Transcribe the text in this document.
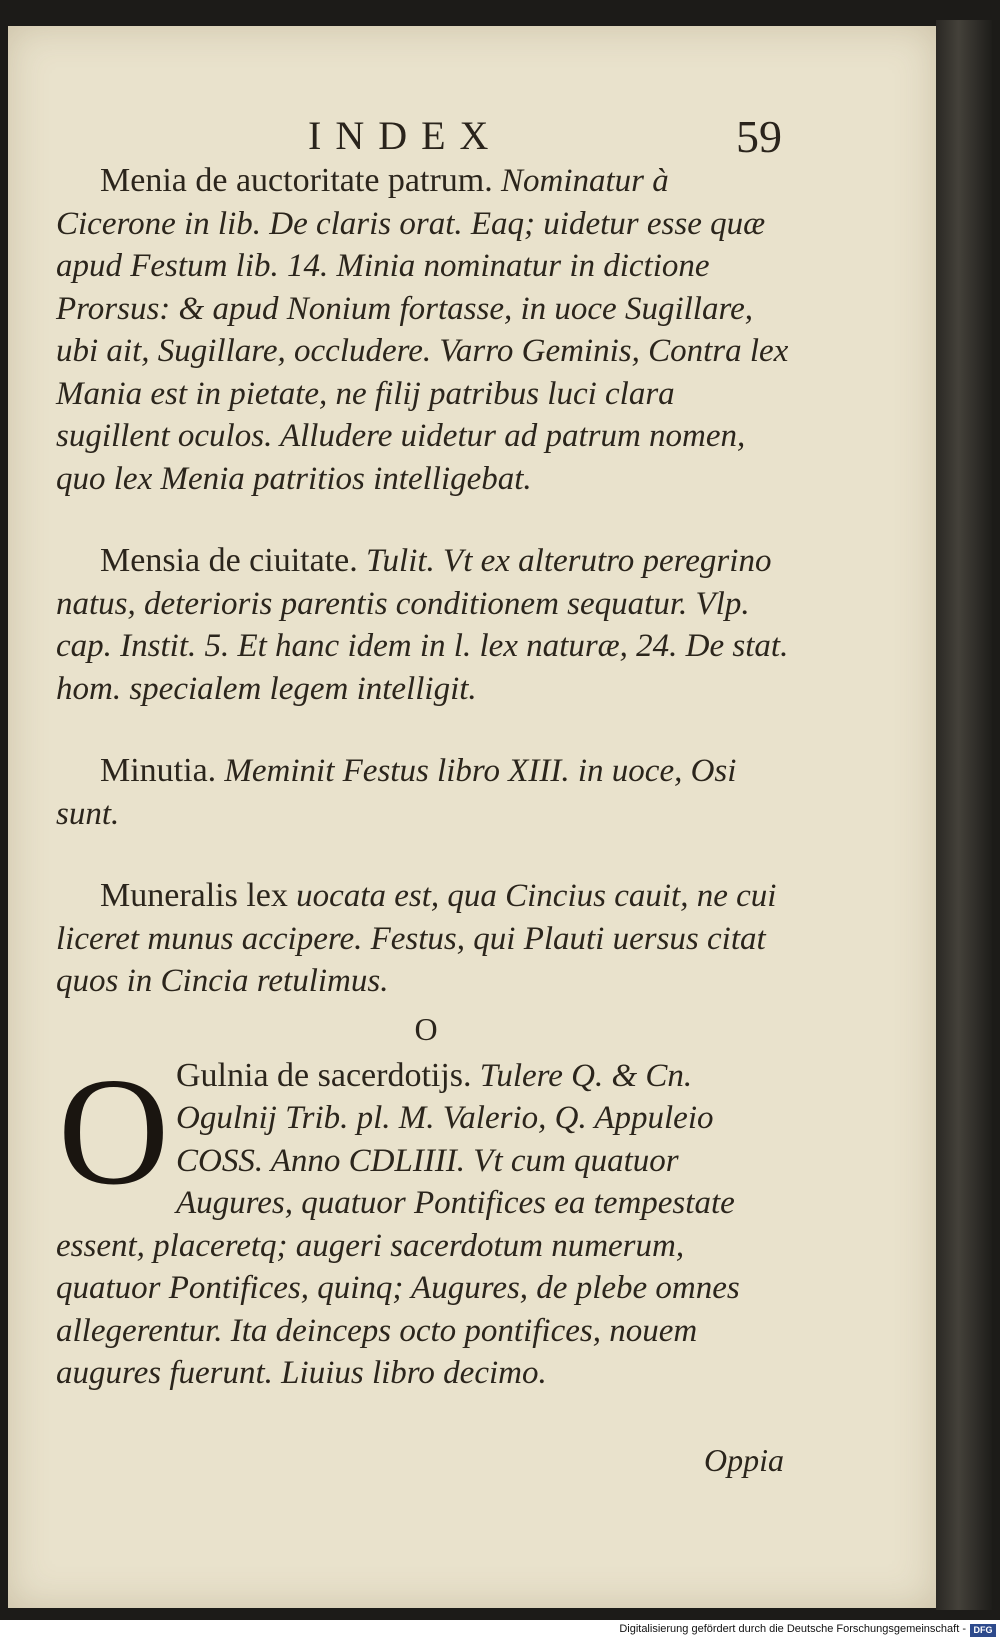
INDEX	59

Menia de auctoritate patrum. Nominatur à Cicerone in lib. De claris orat. Eaq; uidetur esse quæ apud Festum lib. 14. Minia nominatur in dictione Prorsus: & apud Nonium fortasse, in uoce Sugillare, ubi ait, Sugillare, occludere. Varro Geminis, Contra lex Mania est in pietate, ne filij patribus luci clara sugillent oculos. Alludere uidetur ad patrum nomen, quo lex Menia patritios intelligebat.

Mensia de ciuitate. Tulit. Vt ex alterutro peregrino natus, deterioris parentis conditionem sequatur. Vlp. cap. Instit. 5. Et hanc idem in l. lex naturæ, 24. De stat. hom. specialem legem intelligit.

Minutia. Meminit Festus libro XIII. in uoce, Osi sunt.

Muneralis lex uocata est, qua Cincius cauit, ne cui liceret munus accipere. Festus, qui Plauti uersus citat quos in Cincia retulimus.

O

O Gulnia de sacerdotijs. Tulere Q. & Cn. Ogulnij Trib. pl. M. Valerio, Q. Appuleio COSS. Anno CDLIIII. Vt cum quatuor Augures, quatuor Pontifices ea tempestate essent, placeretq; augeri sacerdotum numerum, quatuor Pontifices, quinq; Augures, de plebe omnes allegerentur. Ita deinceps octo pontifices, nouem augures fuerunt. Liuius libro decimo.

Oppia
Digitalisierung gefördert durch die Deutsche Forschungsgemeinschaft - DFG
